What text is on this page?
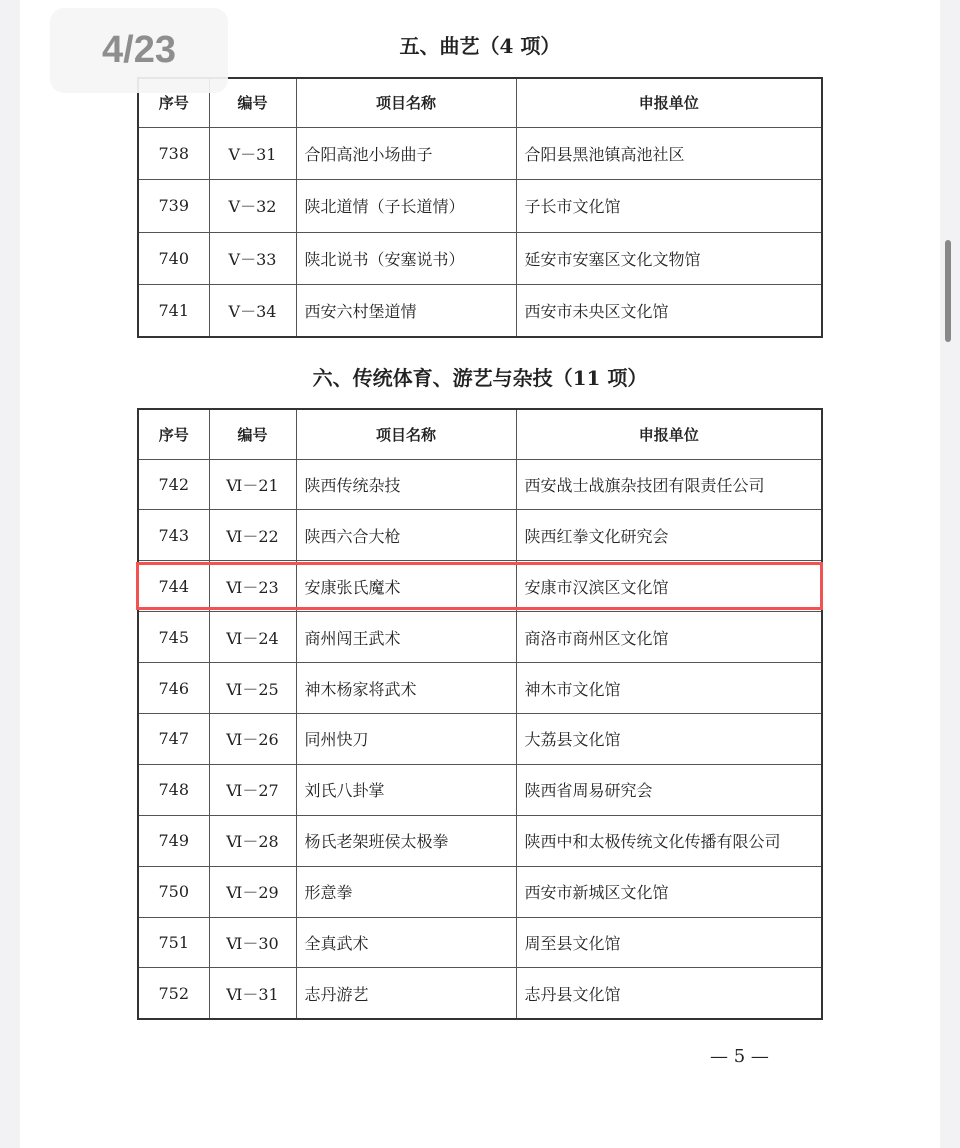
4/23	五、曲艺（4 项）
序号	编号	项目名称	申报单位
738	Ⅴ－31	合阳高池小场曲子	合阳县黑池镇高池社区
739	Ⅴ－32	陕北道情（子长道情）	子长市文化馆
740	Ⅴ－33	陕北说书（安塞说书）	延安市安塞区文化文物馆
741	Ⅴ－34	西安六村堡道情	西安市未央区文化馆
六、传统体育、游艺与杂技（11 项）
序号	编号	项目名称	申报单位
742	Ⅵ－21	陕西传统杂技	西安战士战旗杂技团有限责任公司
743	Ⅵ－22	陕西六合大枪	陕西红拳文化研究会
744	Ⅵ－23	安康张氏魔术	安康市汉滨区文化馆
745	Ⅵ－24	商州闯王武术	商洛市商州区文化馆
746	Ⅵ－25	神木杨家将武术	神木市文化馆
747	Ⅵ－26	同州快刀	大荔县文化馆
748	Ⅵ－27	刘氏八卦掌	陕西省周易研究会
749	Ⅵ－28	杨氏老架班侯太极拳	陕西中和太极传统文化传播有限公司
750	Ⅵ－29	形意拳	西安市新城区文化馆
751	Ⅵ－30	全真武术	周至县文化馆
752	Ⅵ－31	志丹游艺	志丹县文化馆
— 5 —
